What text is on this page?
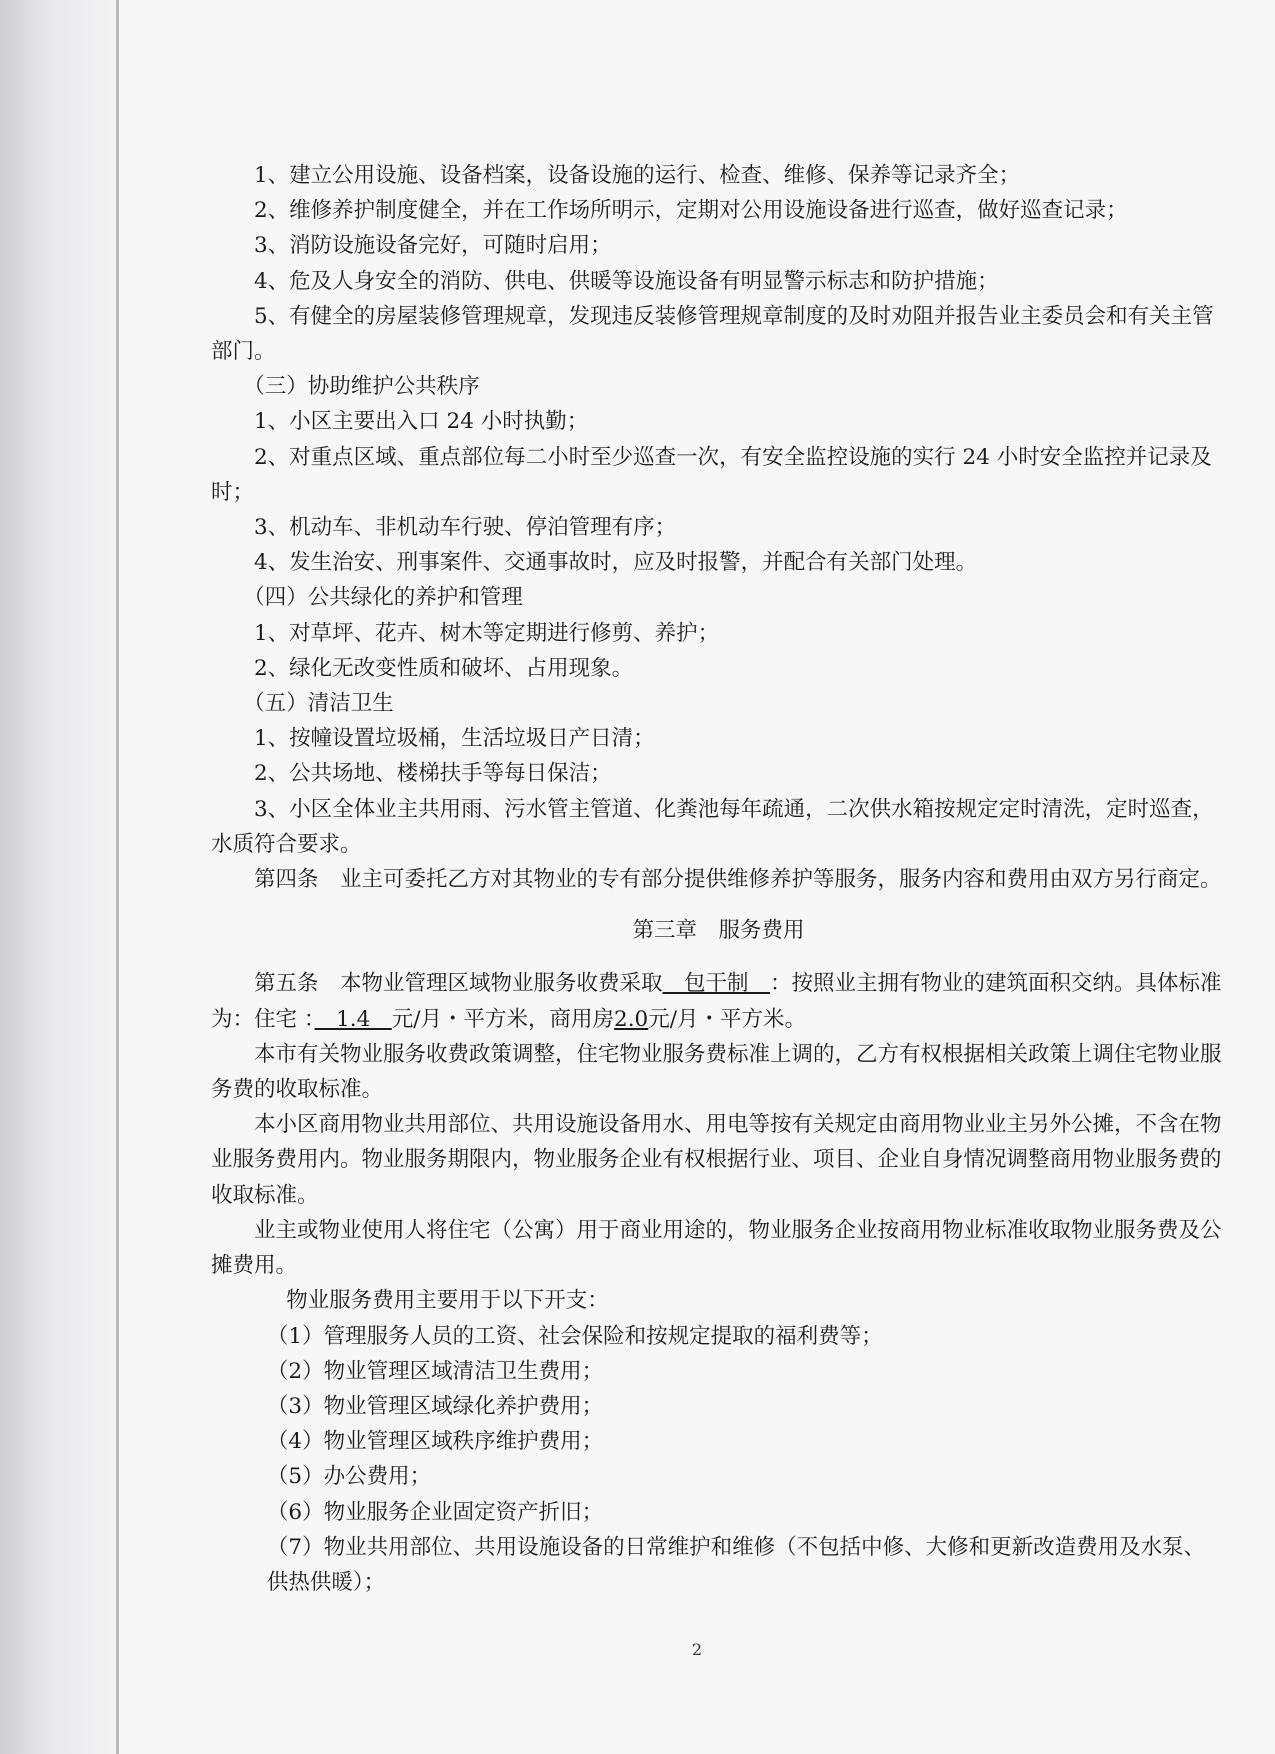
1、建立公用设施、设备档案，设备设施的运行、检查、维修、保养等记录齐全；

2、维修养护制度健全，并在工作场所明示，定期对公用设施设备进行巡查，做好巡查记录；

3、消防设施设备完好，可随时启用；

4、危及人身安全的消防、供电、供暖等设施设备有明显警示标志和防护措施；

5、有健全的房屋装修管理规章，发现违反装修管理规章制度的及时劝阻并报告业主委员会和有关主管部门。

（三）协助维护公共秩序

1、小区主要出入口 24 小时执勤；

2、对重点区域、重点部位每二小时至少巡查一次，有安全监控设施的实行 24 小时安全监控并记录及时；

3、机动车、非机动车行驶、停泊管理有序；

4、发生治安、刑事案件、交通事故时，应及时报警，并配合有关部门处理。

（四）公共绿化的养护和管理

1、对草坪、花卉、树木等定期进行修剪、养护；

2、绿化无改变性质和破坏、占用现象。

（五）清洁卫生

1、按幢设置垃圾桶，生活垃圾日产日清；

2、公共场地、楼梯扶手等每日保洁；

3、小区全体业主共用雨、污水管主管道、化粪池每年疏通，二次供水箱按规定定时清洗，定时巡查，水质符合要求。

第四条　业主可委托乙方对其物业的专有部分提供维修养护等服务，服务内容和费用由双方另行商定。

第三章　服务费用

第五条　本物业管理区域物业服务收费采取　包干制　：按照业主拥有物业的建筑面积交纳。具体标准为：住宅 ：　1.4　元/月・平方米，商用房2.0元/月・平方米。

本市有关物业服务收费政策调整，住宅物业服务费标准上调的，乙方有权根据相关政策上调住宅物业服务费的收取标准。

本小区商用物业共用部位、共用设施设备用水、用电等按有关规定由商用物业业主另外公摊，不含在物业服务费用内。物业服务期限内，物业服务企业有权根据行业、项目、企业自身情况调整商用物业服务费的收取标准。

业主或物业使用人将住宅（公寓）用于商业用途的，物业服务企业按商用物业标准收取物业服务费及公摊费用。

物业服务费用主要用于以下开支：

（1）管理服务人员的工资、社会保险和按规定提取的福利费等；

（2）物业管理区域清洁卫生费用；

（3）物业管理区域绿化养护费用；

（4）物业管理区域秩序维护费用；

（5）办公费用；

（6）物业服务企业固定资产折旧；

（7）物业共用部位、共用设施设备的日常维护和维修（不包括中修、大修和更新改造费用及水泵、供热供暖）；

2
